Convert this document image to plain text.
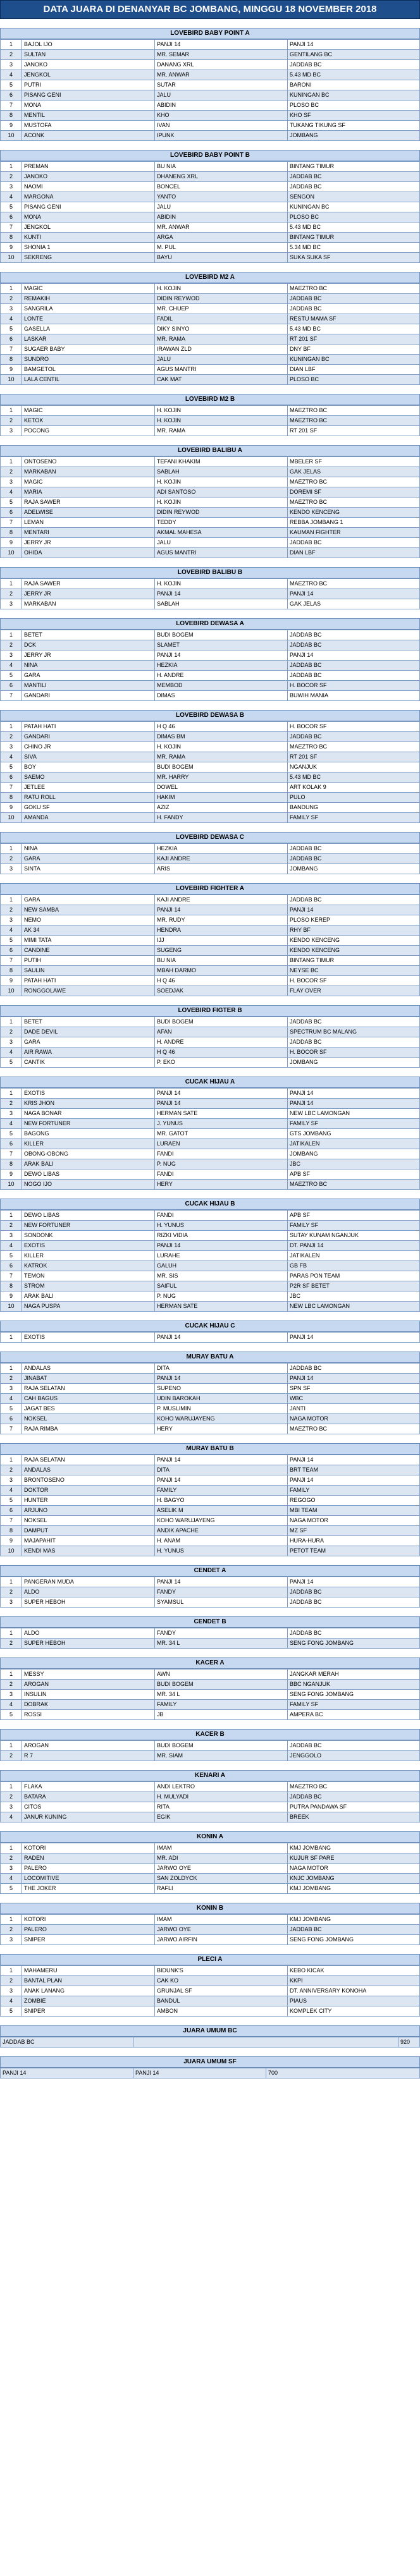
DATA JUARA DI DENANYAR BC JOMBANG, MINGGU 18 NOVEMBER 2018
LOVEBIRD BABY POINT A
1	BAJOL IJO	PANJI 14	PANJI 14
2	SULTAN	MR. SEMAR	GENTILANG BC
3	JANOKO	DANANG XRL	JADDAB BC
4	JENGKOL	MR. ANWAR	5.43 MD BC
5	PUTRI	SUTAR	BARONI
6	PISANG GENI	JALU	KUNINGAN BC
7	MONA	ABIDIN	PLOSO BC
8	MENTIL	KHO	KHO SF
9	MUSTOFA	IVAN	TUKANG TIKUNG SF
10	ACONK	IPUNK	JOMBANG
LOVEBIRD BABY POINT B
1	PREMAN	BU NIA	BINTANG TIMUR
2	JANOKO	DHANENG XRL	JADDAB BC
3	NAOMI	BONCEL	JADDAB BC
4	MARGONA	YANTO	SENGON
5	PISANG GENI	JALU	KUNINGAN BC
6	MONA	ABIDIN	PLOSO BC
7	JENGKOL	MR. ANWAR	5.43 MD BC
8	KUNTI	ARGA	BINTANG TIMUR
9	SHONIA 1	M. PUL	5.34 MD BC
10	SEKRENG	BAYU	SUKA SUKA SF
LOVEBIRD M2 A
1	MAGIC	H. KOJIN	MAEZTRO BC
2	REMAKIH	DIDIN REYWOD	JADDAB BC
3	SANGRILA	MR. CHUEP	JADDAB BC
4	LONTE	FADIL	RESTU MAMA SF
5	GASELLA	DIKY SINYO	5.43 MD BC
6	LASKAR	MR. RAMA	RT 201 SF
7	SUGAER BABY	IRAWAN ZLD	DNY BF
8	SUNDRO	JALU	KUNINGAN BC
9	BAMGETOL	AGUS MANTRI	DIAN LBF
10	LALA CENTIL	CAK MAT	PLOSO BC
LOVEBIRD M2 B
1	MAGIC	H. KOJIN	MAEZTRO BC
2	KETOK	H. KOJIN	MAEZTRO BC
3	POCONG	MR. RAMA	RT 201 SF
LOVEBIRD BALIBU A
1	ONTOSENO	TEFANI KHAKIM	MBELER SF
2	MARKABAN	SABLAH	GAK JELAS
3	MAGIC	H. KOJIN	MAEZTRO BC
4	MARIA	ADI SANTOSO	DOREMI SF
5	RAJA SAWER	H. KOJIN	MAEZTRO BC
6	ADELWISE	DIDIN REYWOD	KENDO KENCENG
7	LEMAN	TEDDY	REBBA JOMBANG 1
8	MENTARI	AKMAL MAHESA	KAUMAN FIGHTER
9	JERRY JR	JALU	JADDAB BC
10	OHIDA	AGUS MANTRI	DIAN LBF
LOVEBIRD BALIBU B
1	RAJA SAWER	H. KOJIN	MAEZTRO BC
2	JERRY JR	PANJI 14	PANJI 14
3	MARKABAN	SABLAH	GAK JELAS
LOVEBIRD DEWASA A
1	BETET	BUDI BOGEM	JADDAB BC
2	DCK	SLAMET	JADDAB BC
3	JERRY JR	PANJI 14	PANJI 14
4	NINA	HEZKIA	JADDAB BC
5	GARA	H. ANDRE	JADDAB BC
6	MANTILI	MEMBOD	H. BOCOR SF
7	GANDARI	DIMAS	BUWIH MANIA
LOVEBIRD DEWASA B
1	PATAH HATI	H Q 46	H. BOCOR SF
2	GANDARI	DIMAS BM	JADDAB BC
3	CHINO JR	H. KOJIN	MAEZTRO BC
4	SIVA	MR. RAMA	RT 201 SF
5	BOY	BUDI BOGEM	NGANJUK
6	SAEMO	MR. HARRY	5.43 MD BC
7	JETLEE	DOWEL	ART KOLAK 9
8	RATU ROLL	HAKIM	PULO
9	GOKU SF	AZIZ	BANDUNG
10	AMANDA	H. FANDY	FAMILY SF
LOVEBIRD DEWASA C
1	NINA	HEZKIA	JADDAB BC
2	GARA	KAJI ANDRE	JADDAB BC
3	SINTA	ARIS	JOMBANG
LOVEBIRD FIGHTER A
1	GARA	KAJI ANDRE	JADDAB BC
2	NEW SAMBA	PANJI 14	PANJI 14
3	NEMO	MR. RUDY	PLOSO KEREP
4	AK 34	HENDRA	RHY BF
5	MIMI TATA	IJJ	KENDO KENCENG
6	CANDINE	SUGENG	KENDO KENCENG
7	PUTIH	BU NIA	BINTANG TIMUR
8	SAULIN	MBAH DARMO	NEYSE BC
9	PATAH HATI	H Q 46	H. BOCOR SF
10	RONGGOLAWE	SOEDJAK	FLAY OVER
LOVEBIRD FIGTER B
1	BETET	BUDI BOGEM	JADDAB BC
2	DADE DEVIL	AFAN	SPECTRUM BC MALANG
3	GARA	H. ANDRE	JADDAB BC
4	AIR RAWA	H Q 46	H. BOCOR SF
5	CANTIK	P. EKO	JOMBANG
CUCAK HIJAU A
1	EXOTIS	PANJI 14	PANJI 14
2	KRIS JHON	PANJI 14	PANJI 14
3	NAGA BONAR	HERMAN SATE	NEW LBC LAMONGAN
4	NEW FORTUNER	J. YUNUS	FAMILY SF
5	BAGONG	MR. GATOT	GTS JOMBANG
6	KILLER	LURAEN	JATIKALEN
7	OBONG-OBONG	FANDI	JOMBANG
8	ARAK BALI	P. NUG	JBC
9	DEWO LIBAS	FANDI	APB SF
10	NOGO IJO	HERY	MAEZTRO BC
CUCAK HIJAU B
1	DEWO LIBAS	FANDI	APB SF
2	NEW FORTUNER	H. YUNUS	FAMILY SF
3	SONDONK	RIZKI VIDIA	SUTAY KUNAM NGANJUK
4	EXOTIS	PANJI 14	DT. PANJI 14
5	KILLER	LURAHE	JATIKALEN
6	KATROK	GALUH	GB FB
7	TEMON	MR. SIS	PARAS PON TEAM
8	STROM	SAIFUL	P2R SF BETET
9	ARAK BALI	P. NUG	JBC
10	NAGA PUSPA	HERMAN SATE	NEW LBC LAMONGAN
CUCAK HIJAU C
1	EXOTIS	PANJI 14	PANJI 14
MURAY BATU A
1	ANDALAS	DITA	JADDAB BC
2	JINABAT	PANJI 14	PANJI 14
3	RAJA SELATAN	SUPENO	SPN SF
4	CAH BAGUS	UDIN BAROKAH	WBC
5	JAGAT BES	P. MUSLIMIN	JANTI
6	NOKSEL	KOHO WARUJAYENG	NAGA MOTOR
7	RAJA RIMBA	HERY	MAEZTRO BC
MURAY BATU B
1	RAJA SELATAN	PANJI 14	PANJI 14
2	ANDALAS	DITA	BRT TEAM
3	BRONTOSENO	PANJI 14	PANJI 14
4	DOKTOR	FAMILY	FAMILY
5	HUNTER	H. BAGYO	REGOGO
6	ARJUNO	ASELIK M	MBI TEAM
7	NOKSEL	KOHO WARUJAYENG	NAGA MOTOR
8	DAMPUT	ANDIK APACHE	MZ SF
9	MAJAPAHIT	H. ANAM	HURA-HURA
10	KENDI MAS	H. YUNUS	PETOT TEAM
CENDET A
1	PANGERAN MUDA	PANJI 14	PANJI 14
2	ALDO	FANDY	JADDAB BC
3	SUPER HEBOH	SYAMSUL	JADDAB BC
CENDET B
1	ALDO	FANDY	JADDAB BC
2	SUPER HEBOH	MR. 34 L	SENG FONG JOMBANG
KACER A
1	MESSY	AWN	JANGKAR MERAH
2	AROGAN	BUDI BOGEM	BBC NGANJUK
3	INSULIN	MR. 34 L	SENG FONG JOMBANG
4	DOBRAK	FAMILY	FAMILY SF
5	ROSSI	JB	AMPERA BC
KACER B
1	AROGAN	BUDI BOGEM	JADDAB BC
2	R 7	MR. SIAM	JENGGOLO
KENARI A
1	FLAKA	ANDI LEKTRO	MAEZTRO BC
2	BATARA	H. MULYADI	JADDAB BC
3	CITOS	RITA	PUTRA PANDAWA SF
4	JANUR KUNING	EGIK	BREEK
KONIN A
1	KOTORI	IMAM	KMJ JOMBANG
2	RADEN	MR. ADI	KUJUR SF PARE
3	PALERO	JARWO OYE	NAGA MOTOR
4	LOCOMITIVE	SAN ZOLDYCK	KNJC JOMBANG
5	THE JOKER	RAFLI	KMJ JOMBANG
KONIN B
1	KOTORI	IMAM	KMJ JOMBANG
2	PALERO	JARWO OYE	JADDAB BC
3	SNIPER	JARWO AIRFIN	SENG FONG JOMBANG
PLECI A
1	MAHAMERU	BIDUNK'S	KEBO KICAK
2	BANTAL PLAN	CAK KO	KKPI
3	ANAK LANANG	GRUNJAL SF	DT. ANNIVERSARY KONOHA
4	ZOMBIE	BANDUL	PIAUS
5	SNIPER	AMBON	KOMPLEK CITY
JUARA UMUM BC
JADDAB BC		920
JUARA UMUM SF
PANJI 14	PANJI 14	700
